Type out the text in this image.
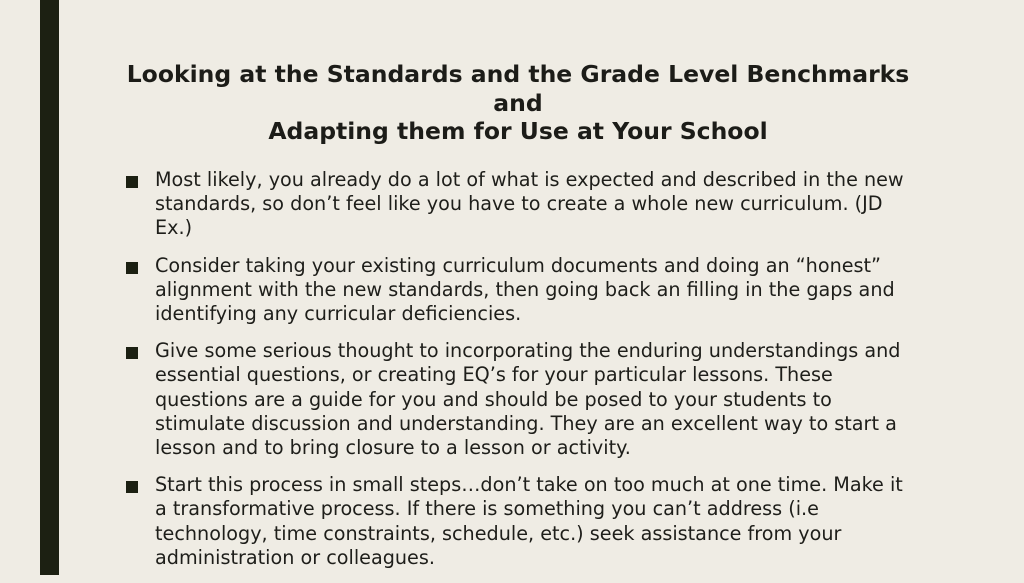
Looking at the Standards and the Grade Level Benchmarks
and
Adapting them for Use at Your School
Most likely, you already do a lot of what is expected and described in the new standards, so don’t feel like you have to create a whole new curriculum. (JD Ex.)
Consider taking your existing curriculum documents and doing an “honest” alignment with the new standards, then going back an filling in the gaps and identifying any curricular deficiencies.
Give some serious thought to incorporating the enduring understandings and essential questions, or creating EQ’s for your particular lessons. These questions are a guide for you and should be posed to your students to stimulate discussion and understanding. They are an excellent way to start a lesson and to bring closure to a lesson or activity.
Start this process in small steps…don’t take on too much at one time. Make it a transformative process. If there is something you can’t address (i.e technology, time constraints, schedule, etc.) seek assistance from your administration or colleagues.
